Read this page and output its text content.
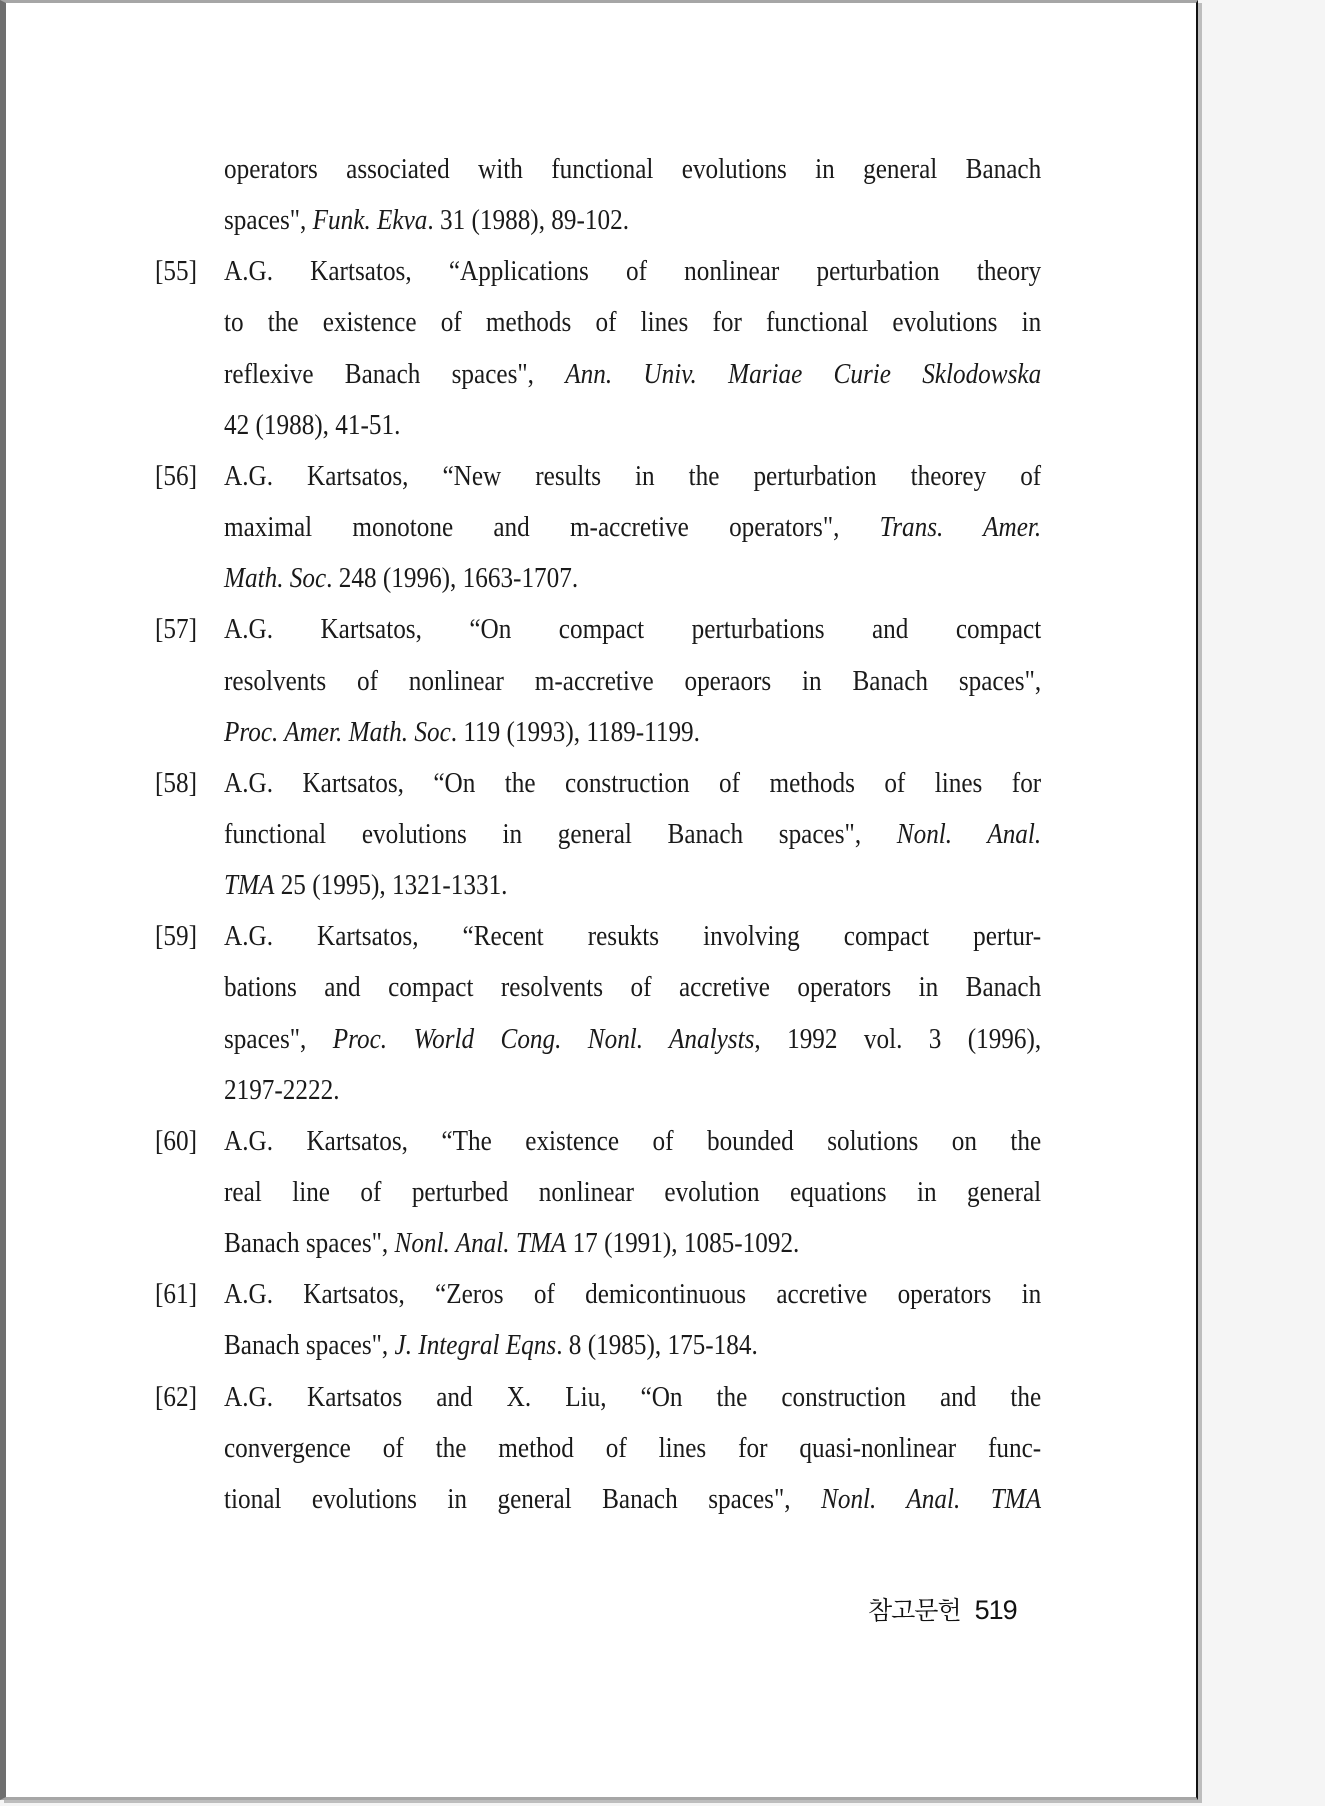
operators associated with functional evolutions in general Banach
spaces", Funk. Ekva. 31 (1988), 89-102.
[55] A.G. Kartsatos, “Applications of nonlinear perturbation theory
to the existence of methods of lines for functional evolutions in
reflexive Banach spaces", Ann. Univ. Mariae Curie Sklodowska
42 (1988), 41-51.
[56] A.G. Kartsatos, “New results in the perturbation theorey of
maximal monotone and m-accretive operators", Trans. Amer.
Math. Soc. 248 (1996), 1663-1707.
[57] A.G. Kartsatos, “On compact perturbations and compact
resolvents of nonlinear m-accretive operaors in Banach spaces",
Proc. Amer. Math. Soc. 119 (1993), 1189-1199.
[58] A.G. Kartsatos, “On the construction of methods of lines for
functional evolutions in general Banach spaces", Nonl. Anal.
TMA 25 (1995), 1321-1331.
[59] A.G. Kartsatos, “Recent resukts involving compact pertur-
bations and compact resolvents of accretive operators in Banach
spaces", Proc. World Cong. Nonl. Analysts, 1992 vol. 3 (1996),
2197-2222.
[60] A.G. Kartsatos, “The existence of bounded solutions on the
real line of perturbed nonlinear evolution equations in general
Banach spaces", Nonl. Anal. TMA 17 (1991), 1085-1092.
[61] A.G. Kartsatos, “Zeros of demicontinuous accretive operators in
Banach spaces", J. Integral Eqns. 8 (1985), 175-184.
[62] A.G. Kartsatos and X. Liu, “On the construction and the
convergence of the method of lines for quasi-nonlinear func-
tional evolutions in general Banach spaces", Nonl. Anal. TMA
참고문헌 519
